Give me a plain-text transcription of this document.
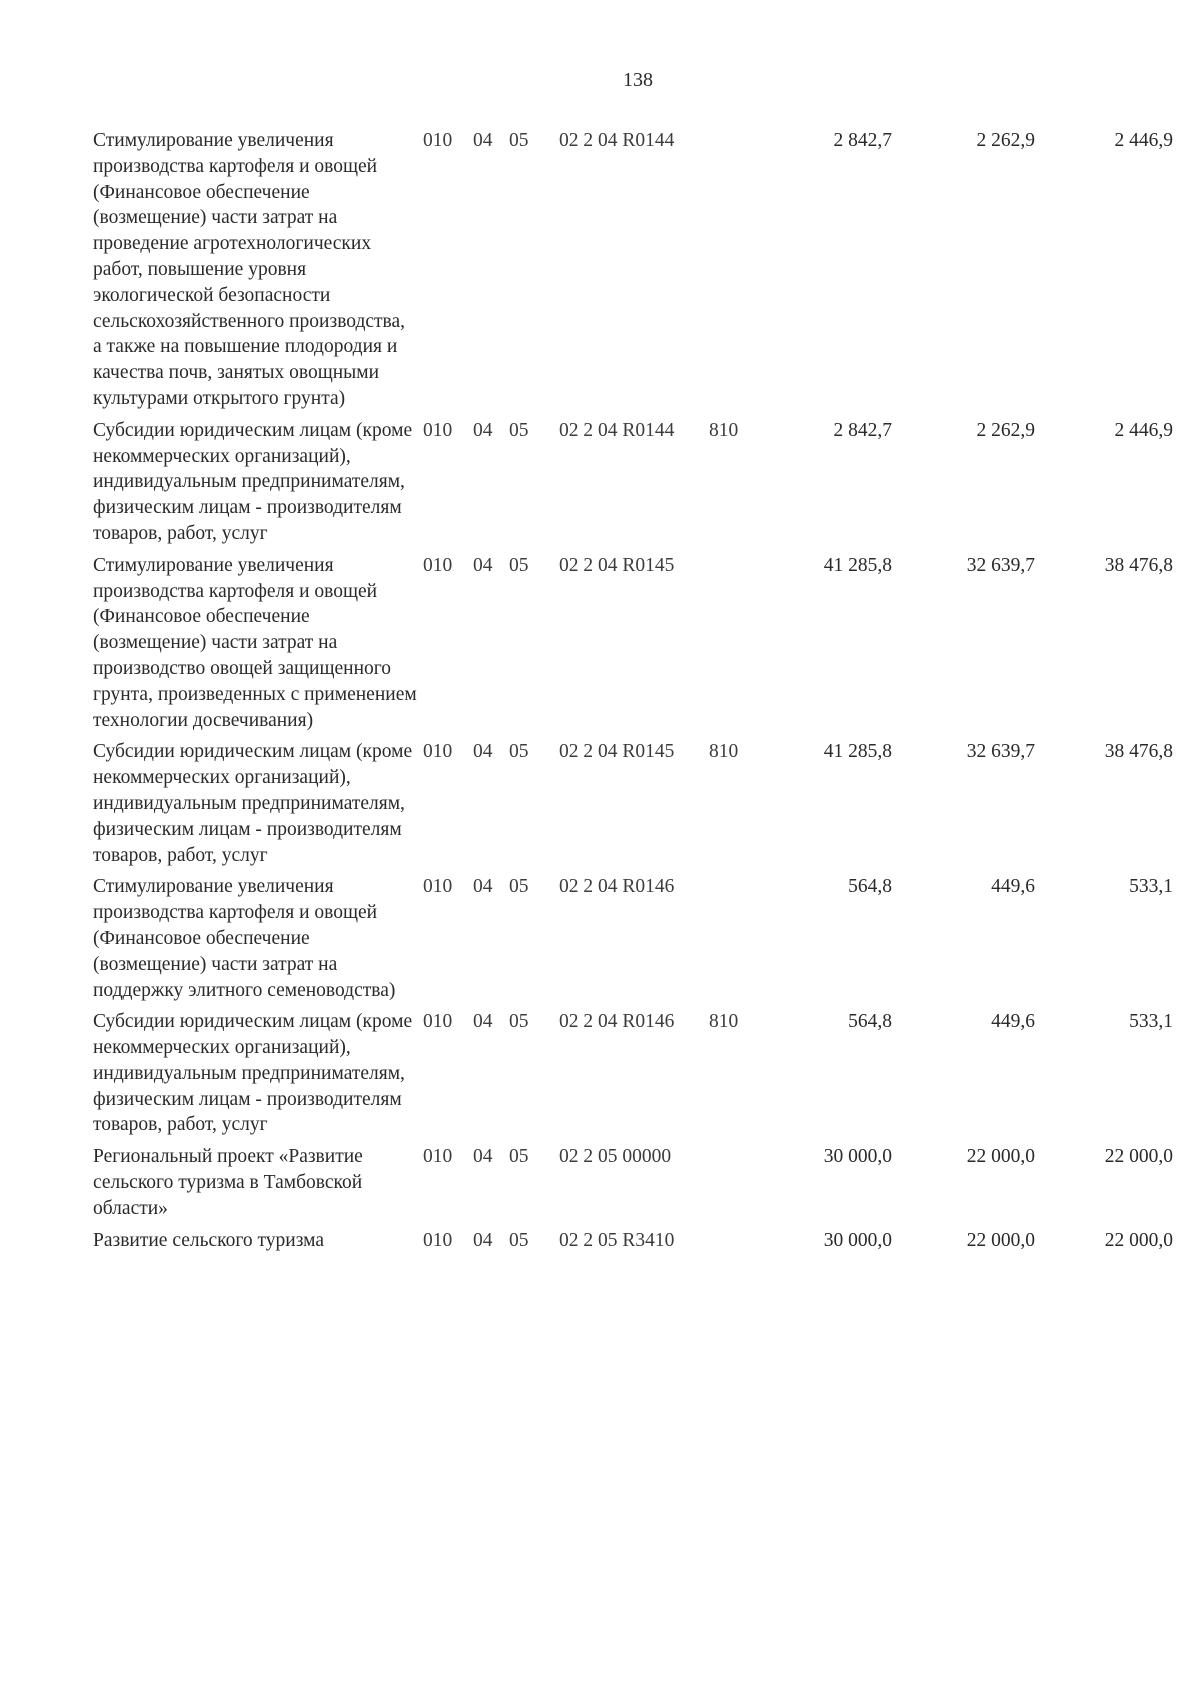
138
Стимулирование увеличения производства картофеля и овощей (Финансовое обеспечение (возмещение) части затрат на проведение агротехнологических работ, повышение уровня экологической безопасности сельскохозяйственного производства, а также на повышение плодородия и качества почв, занятых овощными культурами открытого грунта)	010	04	05	02 2 04 R0144		2 842,7	2 262,9	2 446,9
Субсидии юридическим лицам (кроме некоммерческих организаций), индивидуальным предпринимателям, физическим лицам - производителям товаров, работ, услуг	010	04	05	02 2 04 R0144	810	2 842,7	2 262,9	2 446,9
Стимулирование увеличения производства картофеля и овощей (Финансовое обеспечение (возмещение) части затрат на производство овощей защищенного грунта, произведенных с применением технологии досвечивания)	010	04	05	02 2 04 R0145		41 285,8	32 639,7	38 476,8
Субсидии юридическим лицам (кроме некоммерческих организаций), индивидуальным предпринимателям, физическим лицам - производителям товаров, работ, услуг	010	04	05	02 2 04 R0145	810	41 285,8	32 639,7	38 476,8
Стимулирование увеличения производства картофеля и овощей (Финансовое обеспечение (возмещение) части затрат на поддержку элитного семеноводства)	010	04	05	02 2 04 R0146		564,8	449,6	533,1
Субсидии юридическим лицам (кроме некоммерческих организаций), индивидуальным предпринимателям, физическим лицам - производителям товаров, работ, услуг	010	04	05	02 2 04 R0146	810	564,8	449,6	533,1
Региональный проект «Развитие сельского туризма в Тамбовской области»	010	04	05	02 2 05 00000		30 000,0	22 000,0	22 000,0
Развитие сельского туризма	010	04	05	02 2 05 R3410		30 000,0	22 000,0	22 000,0
